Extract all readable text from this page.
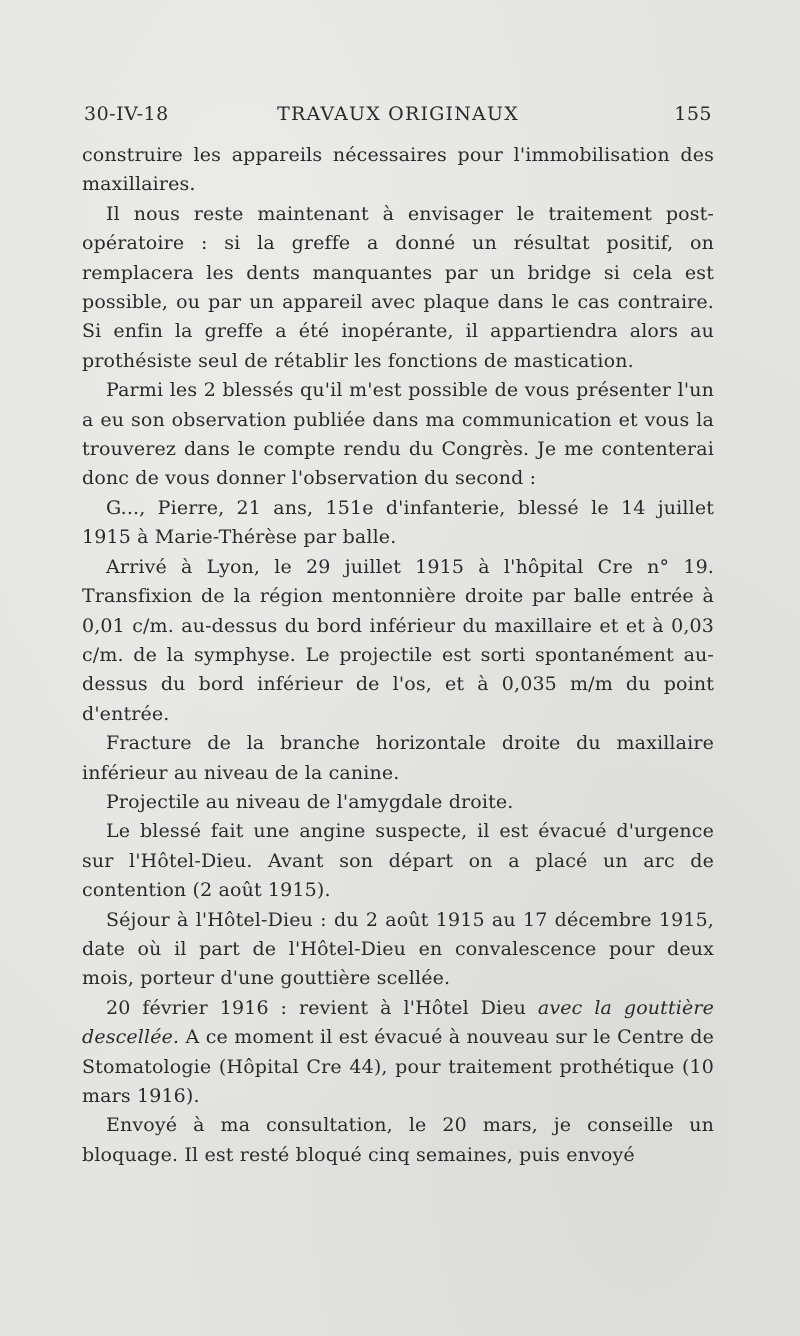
30-IV-18	TRAVAUX ORIGINAUX	155

construire les appareils nécessaires pour l'immobilisation des maxillaires.

Il nous reste maintenant à envisager le traitement post-opératoire : si la greffe a donné un résultat positif, on remplacera les dents manquantes par un bridge si cela est possible, ou par un appareil avec plaque dans le cas contraire. Si enfin la greffe a été inopérante, il appartiendra alors au prothésiste seul de rétablir les fonctions de mastication.

Parmi les 2 blessés qu'il m'est possible de vous présenter l'un a eu son observation publiée dans ma communication et vous la trouverez dans le compte rendu du Congrès. Je me contenterai donc de vous donner l'observation du second :

G..., Pierre, 21 ans, 151e d'infanterie, blessé le 14 juillet 1915 à Marie-Thérèse par balle.

Arrivé à Lyon, le 29 juillet 1915 à l'hôpital Cre n° 19. Transfixion de la région mentonnière droite par balle entrée à 0,01 c/m. au-dessus du bord inférieur du maxillaire et et à 0,03 c/m. de la symphyse. Le projectile est sorti spontanément au-dessus du bord inférieur de l'os, et à 0,035 m/m du point d'entrée.

Fracture de la branche horizontale droite du maxillaire inférieur au niveau de la canine.

Projectile au niveau de l'amygdale droite.

Le blessé fait une angine suspecte, il est évacué d'urgence sur l'Hôtel-Dieu. Avant son départ on a placé un arc de contention (2 août 1915).

Séjour à l'Hôtel-Dieu : du 2 août 1915 au 17 décembre 1915, date où il part de l'Hôtel-Dieu en convalescence pour deux mois, porteur d'une gouttière scellée.

20 février 1916 : revient à l'Hôtel Dieu avec la gouttière descellée. A ce moment il est évacué à nouveau sur le Centre de Stomatologie (Hôpital Cre 44), pour traitement prothétique (10 mars 1916).

Envoyé à ma consultation, le 20 mars, je conseille un bloquage. Il est resté bloqué cinq semaines, puis envoyé
